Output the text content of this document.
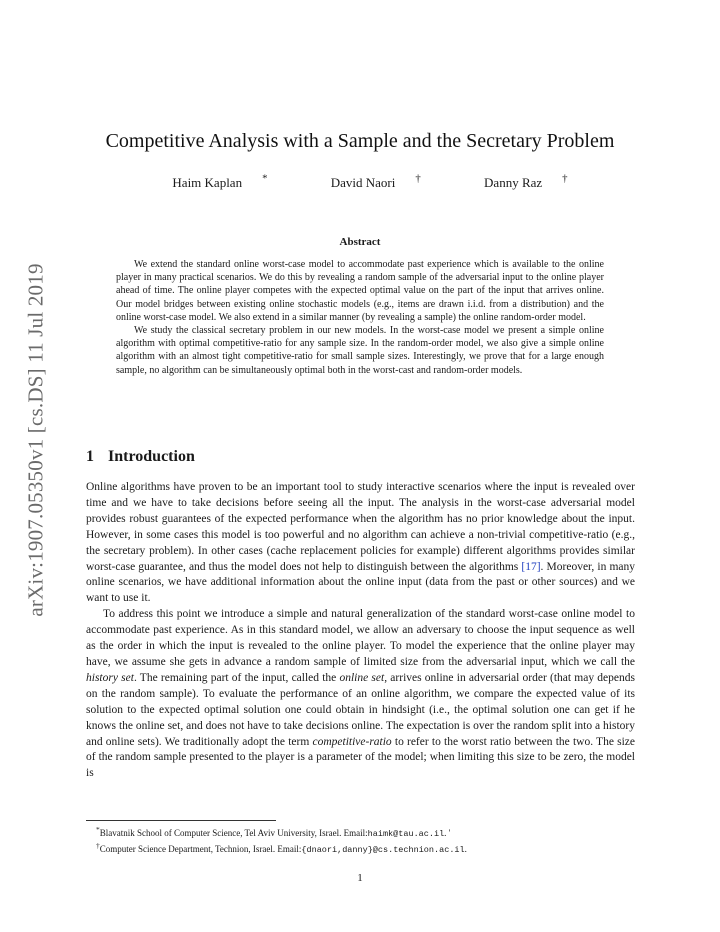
arXiv:1907.05350v1 [cs.DS] 11 Jul 2019
Competitive Analysis with a Sample and the Secretary Problem
Haim Kaplan *	David Naori †	Danny Raz †
Abstract

We extend the standard online worst-case model to accommodate past experience which is available to the online player in many practical scenarios. We do this by revealing a random sample of the adversarial input to the online player ahead of time. The online player competes with the expected optimal value on the part of the input that arrives online. Our model bridges between existing online stochastic models (e.g., items are drawn i.i.d. from a distribution) and the online worst-case model. We also extend in a similar manner (by revealing a sample) the online random-order model.

We study the classical secretary problem in our new models. In the worst-case model we present a simple online algorithm with optimal competitive-ratio for any sample size. In the random-order model, we also give a simple online algorithm with an almost tight competitive-ratio for small sample sizes. Interestingly, we prove that for a large enough sample, no algorithm can be simultaneously optimal both in the worst-cast and random-order models.

1 Introduction

Online algorithms have proven to be an important tool to study interactive scenarios where the input is revealed over time and we have to take decisions before seeing all the input. The analysis in the worst-case adversarial model provides robust guarantees of the expected performance when the algorithm has no prior knowledge about the input. However, in some cases this model is too powerful and no algorithm can achieve a non-trivial competitive-ratio (e.g., the secretary problem). In other cases (cache replacement policies for example) different algorithms provides similar worst-case guarantee, and thus the model does not help to distinguish between the algorithms [17]. Moreover, in many online scenarios, we have additional information about the online input (data from the past or other sources) and we want to use it.

To address this point we introduce a simple and natural generalization of the standard worst-case online model to accommodate past experience. As in this standard model, we allow an adversary to choose the input sequence as well as the order in which the input is revealed to the online player. To model the experience that the online player may have, we assume she gets in advance a random sample of limited size from the adversarial input, which we call the history set. The remaining part of the input, called the online set, arrives online in adversarial order (that may depends on the random sample). To evaluate the performance of an online algorithm, we compare the expected value of its solution to the expected optimal solution one could obtain in hindsight (i.e., the optimal solution one can get if he knows the online set, and does not have to take decisions online. The expectation is over the random split into a history and online sets). We traditionally adopt the term competitive-ratio to refer to the worst ratio between the two. The size of the random sample presented to the player is a parameter of the model; when limiting this size to be zero, the model is

*Blavatnik School of Computer Science, Tel Aviv University, Israel. Email:haimk@tau.ac.il. '
†Computer Science Department, Technion, Israel. Email:{dnaori,danny}@cs.technion.ac.il.
1
